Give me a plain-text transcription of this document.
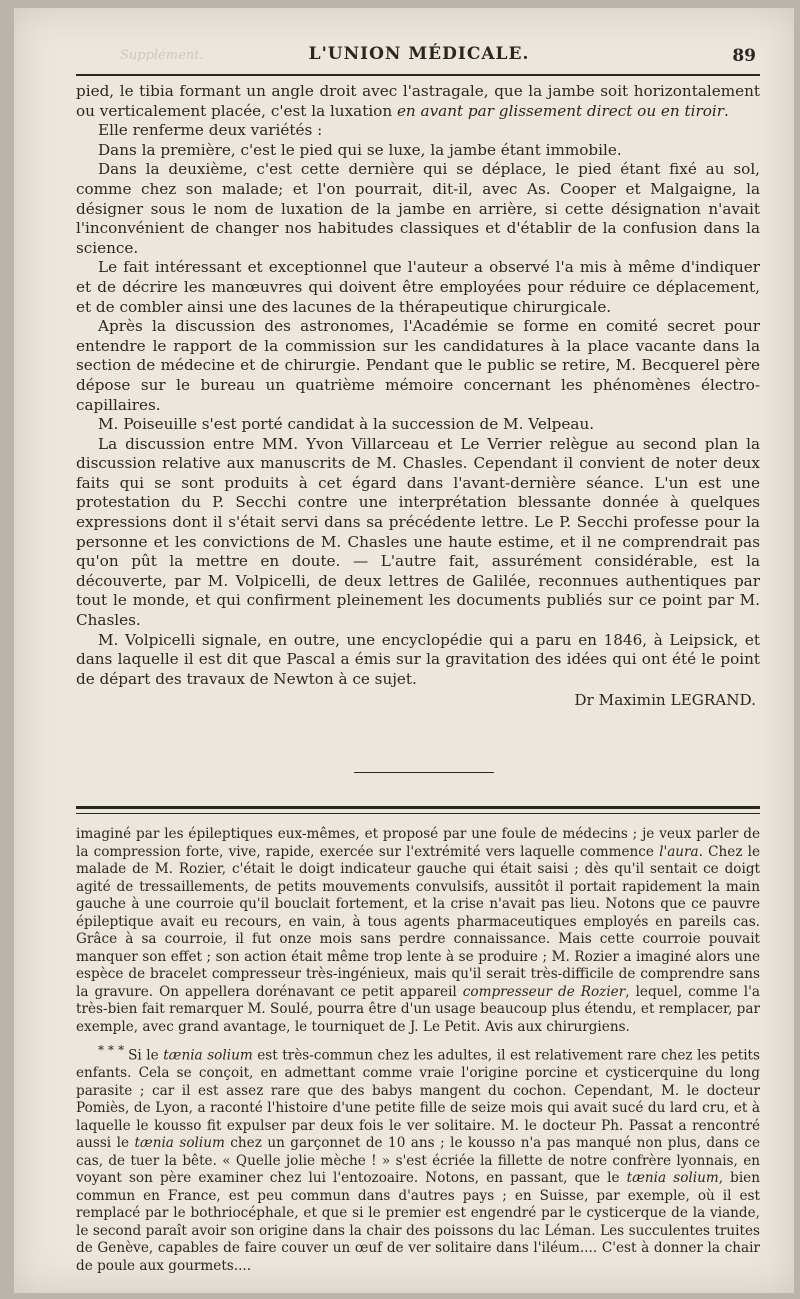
Supplément.	L'UNION MÉDICALE.	89

pied, le tibia formant un angle droit avec l'astragale, que la jambe soit horizontalement ou verticalement placée, c'est la luxation en avant par glissement direct ou en tiroir.

Elle renferme deux variétés :

Dans la première, c'est le pied qui se luxe, la jambe étant immobile.

Dans la deuxième, c'est cette dernière qui se déplace, le pied étant fixé au sol, comme chez son malade; et l'on pourrait, dit-il, avec As. Cooper et Malgaigne, la désigner sous le nom de luxation de la jambe en arrière, si cette désignation n'avait l'inconvénient de changer nos habitudes classiques et d'établir de la confusion dans la science.

Le fait intéressant et exceptionnel que l'auteur a observé l'a mis à même d'indiquer et de décrire les manœuvres qui doivent être employées pour réduire ce déplacement, et de combler ainsi une des lacunes de la thérapeutique chirurgicale.

Après la discussion des astronomes, l'Académie se forme en comité secret pour entendre le rapport de la commission sur les candidatures à la place vacante dans la section de médecine et de chirurgie. Pendant que le public se retire, M. Becquerel père dépose sur le bureau un quatrième mémoire concernant les phénomènes électro-capillaires.

M. Poiseuille s'est porté candidat à la succession de M. Velpeau.

La discussion entre MM. Yvon Villarceau et Le Verrier relègue au second plan la discussion relative aux manuscrits de M. Chasles. Cependant il convient de noter deux faits qui se sont produits à cet égard dans l'avant-dernière séance. L'un est une protestation du P. Secchi contre une interprétation blessante donnée à quelques expressions dont il s'était servi dans sa précédente lettre. Le P. Secchi professe pour la personne et les convictions de M. Chasles une haute estime, et il ne comprendrait pas qu'on pût la mettre en doute. — L'autre fait, assurément considérable, est la découverte, par M. Volpicelli, de deux lettres de Galilée, reconnues authentiques par tout le monde, et qui confirment pleinement les documents publiés sur ce point par M. Chasles.

M. Volpicelli signale, en outre, une encyclopédie qui a paru en 1846, à Leipsick, et dans laquelle il est dit que Pascal a émis sur la gravitation des idées qui ont été le point de départ des travaux de Newton à ce sujet.

Dr Maximin LEGRAND.

imaginé par les épileptiques eux-mêmes, et proposé par une foule de médecins ; je veux parler de la compression forte, vive, rapide, exercée sur l'extrémité vers laquelle commence l'aura. Chez le malade de M. Rozier, c'était le doigt indicateur gauche qui était saisi ; dès qu'il sentait ce doigt agité de tressaillements, de petits mouvements convulsifs, aussitôt il portait rapidement la main gauche à une courroie qu'il bouclait fortement, et la crise n'avait pas lieu. Notons que ce pauvre épileptique avait eu recours, en vain, à tous agents pharmaceutiques employés en pareils cas. Grâce à sa courroie, il fut onze mois sans perdre connaissance. Mais cette courroie pouvait manquer son effet ; son action était même trop lente à se produire ; M. Rozier a imaginé alors une espèce de bracelet compresseur très-ingénieux, mais qu'il serait très-difficile de comprendre sans la gravure. On appellera dorénavant ce petit appareil compresseur de Rozier, lequel, comme l'a très-bien fait remarquer M. Soulé, pourra être d'un usage beaucoup plus étendu, et remplacer, par exemple, avec grand avantage, le tourniquet de J. Le Petit. Avis aux chirurgiens.

* * * Si le tænia solium est très-commun chez les adultes, il est relativement rare chez les petits enfants. Cela se conçoit, en admettant comme vraie l'origine porcine et cysticerquine du long parasite ; car il est assez rare que des babys mangent du cochon. Cependant, M. le docteur Pomiès, de Lyon, a raconté l'histoire d'une petite fille de seize mois qui avait sucé du lard cru, et à laquelle le kousso fit expulser par deux fois le ver solitaire. M. le docteur Ph. Passat a rencontré aussi le tænia solium chez un garçonnet de 10 ans ; le kousso n'a pas manqué non plus, dans ce cas, de tuer la bête. « Quelle jolie mèche ! » s'est écriée la fillette de notre confrère lyonnais, en voyant son père examiner chez lui l'entozoaire. Notons, en passant, que le tænia solium, bien commun en France, est peu commun dans d'autres pays ; en Suisse, par exemple, où il est remplacé par le bothriocéphale, et que si le premier est engendré par le cysticerque de la viande, le second paraît avoir son origine dans la chair des poissons du lac Léman. Les succulentes truites de Genève, capables de faire couver un œuf de ver solitaire dans l'iléum.... C'est à donner la chair de poule aux gourmets....
